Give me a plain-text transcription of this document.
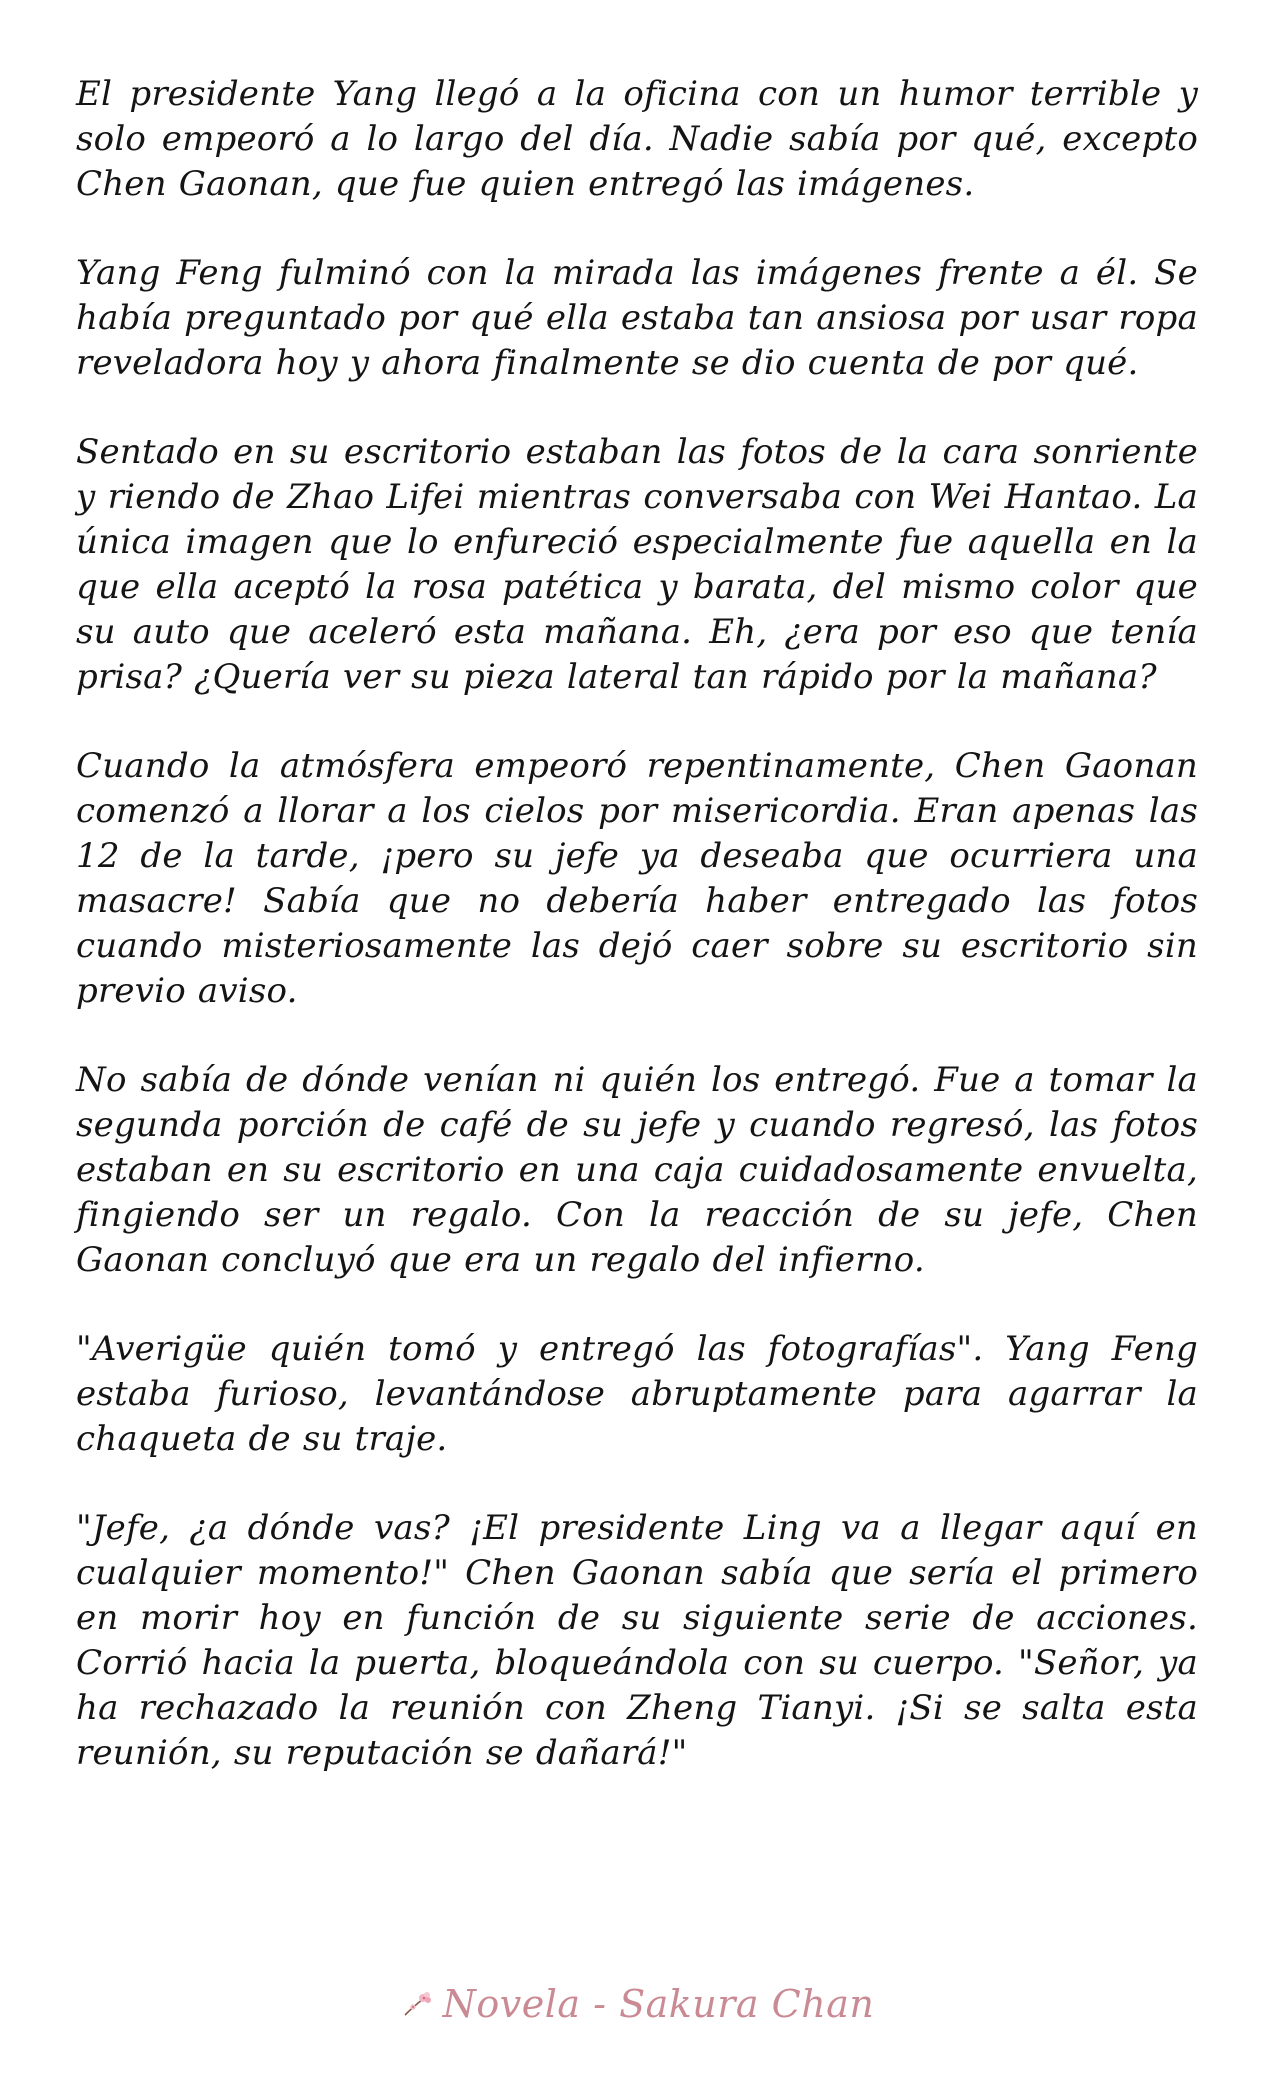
El presidente Yang llegó a la oficina con un humor terrible y solo empeoró a lo largo del día. Nadie sabía por qué, excepto Chen Gaonan, que fue quien entregó las imágenes.

Yang Feng fulminó con la mirada las imágenes frente a él. Se había preguntado por qué ella estaba tan ansiosa por usar ropa reveladora hoy y ahora finalmente se dio cuenta de por qué.

Sentado en su escritorio estaban las fotos de la cara sonriente y riendo de Zhao Lifei mientras conversaba con Wei Hantao. La única imagen que lo enfureció especialmente fue aquella en la que ella aceptó la rosa patética y barata, del mismo color que su auto que aceleró esta mañana. Eh, ¿era por eso que tenía prisa? ¿Quería ver su pieza lateral tan rápido por la mañana?

Cuando la atmósfera empeoró repentinamente, Chen Gaonan comenzó a llorar a los cielos por misericordia. Eran apenas las 12 de la tarde, ¡pero su jefe ya deseaba que ocurriera una masacre! Sabía que no debería haber entregado las fotos cuando misteriosamente las dejó caer sobre su escritorio sin previo aviso.

No sabía de dónde venían ni quién los entregó. Fue a tomar la segunda porción de café de su jefe y cuando regresó, las fotos estaban en su escritorio en una caja cuidadosamente envuelta, fingiendo ser un regalo. Con la reacción de su jefe, Chen Gaonan concluyó que era un regalo del infierno.

"Averigüe quién tomó y entregó las fotografías". Yang Feng estaba furioso, levantándose abruptamente para agarrar la chaqueta de su traje.

"Jefe, ¿a dónde vas? ¡El presidente Ling va a llegar aquí en cualquier momento!" Chen Gaonan sabía que sería el primero en morir hoy en función de su siguiente serie de acciones. Corrió hacia la puerta, bloqueándola con su cuerpo. "Señor, ya ha rechazado la reunión con Zheng Tianyi. ¡Si se salta esta reunión, su reputación se dañará!"

Novela - Sakura Chan
